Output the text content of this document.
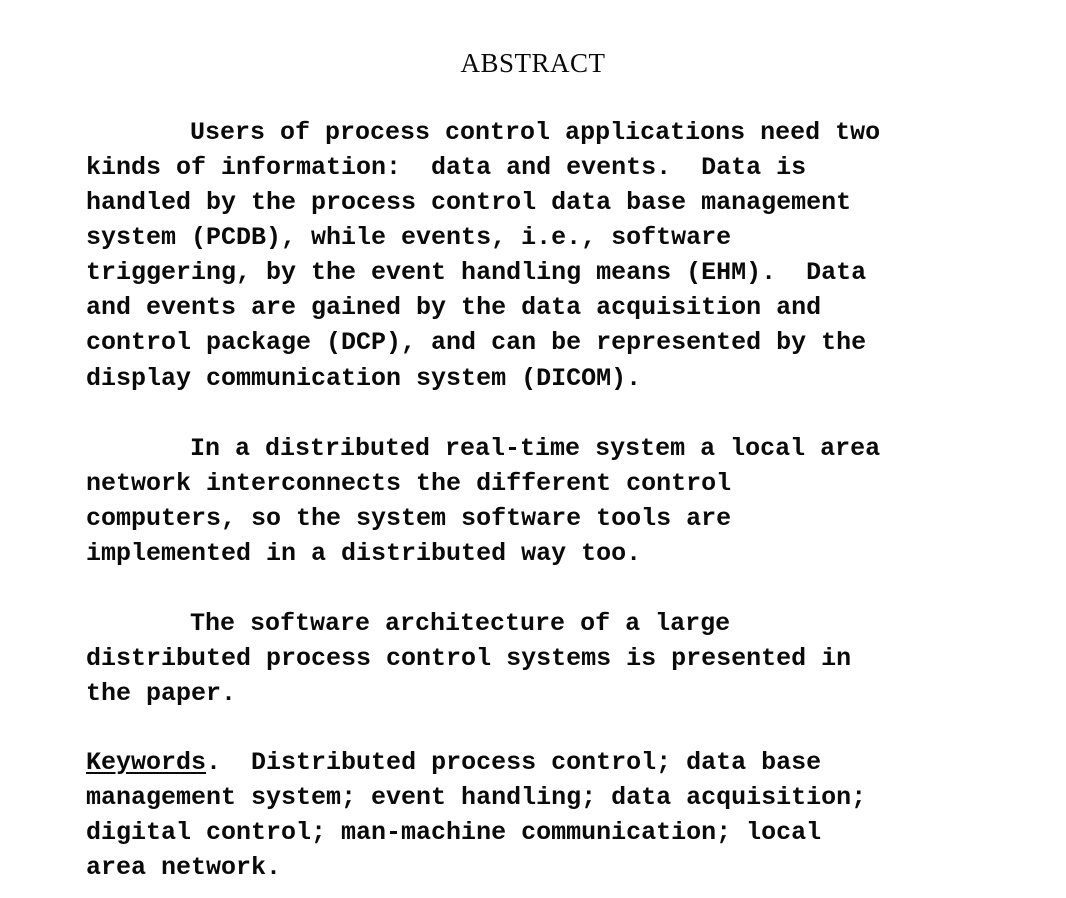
ABSTRACT
Users of process control applications need two
kinds of information:  data and events.  Data is
handled by the process control data base management
system (PCDB), while events, i.e., software
triggering, by the event handling means (EHM).  Data
and events are gained by the data acquisition and
control package (DCP), and can be represented by the
display communication system (DICOM).
In a distributed real-time system a local area
network interconnects the different control
computers, so the system software tools are
implemented in a distributed way too.
The software architecture of a large
distributed process control systems is presented in
the paper.
Keywords.  Distributed process control; data base
management system; event handling; data acquisition;
digital control; man-machine communication; local
area network.
